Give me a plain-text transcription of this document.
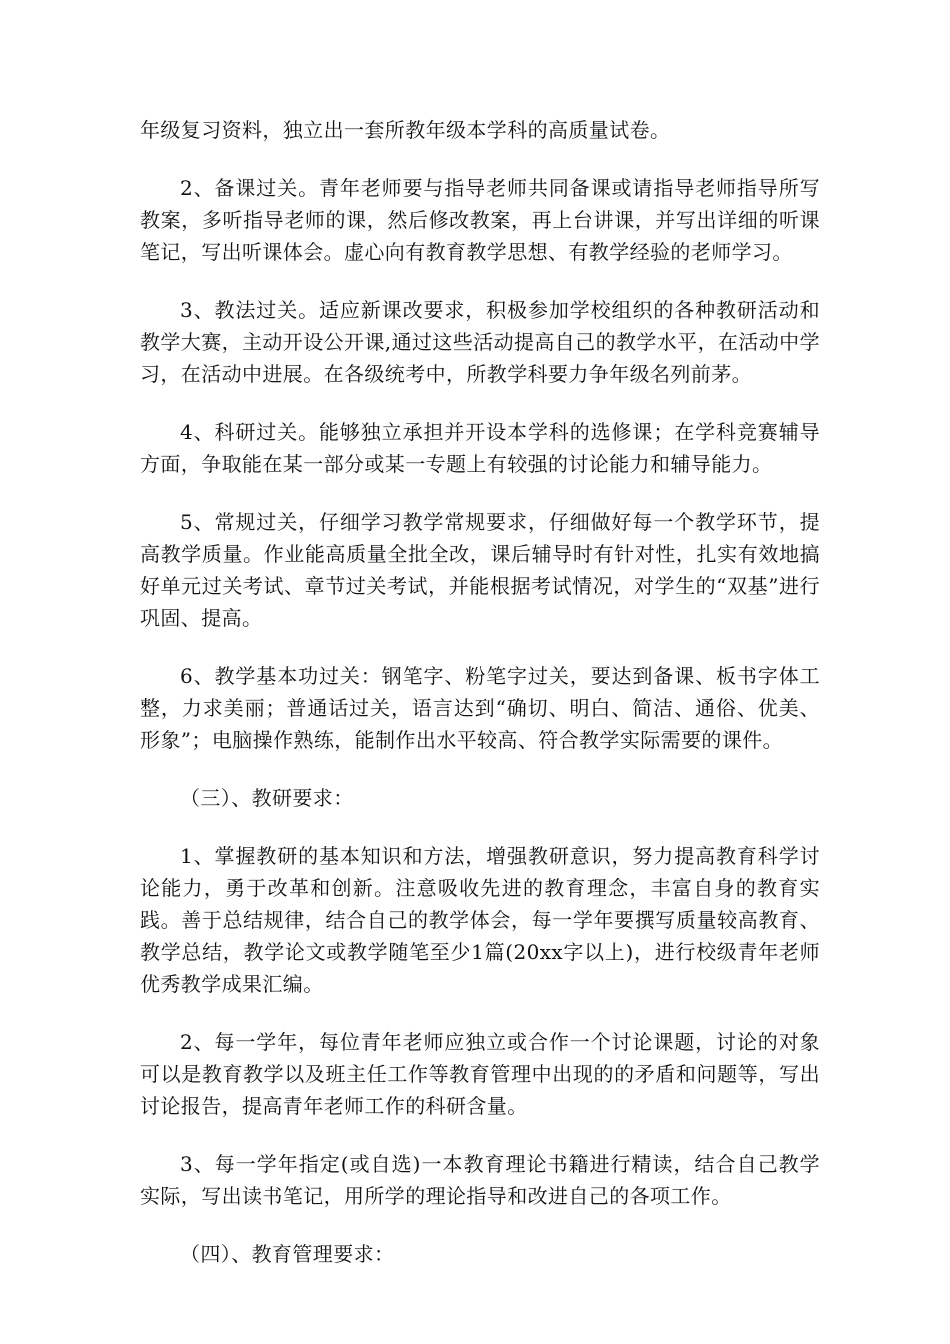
年级复习资料，独立出一套所教年级本学科的高质量试卷。

2、备课过关。青年老师要与指导老师共同备课或请指导老师指导所写教案，多听指导老师的课，然后修改教案，再上台讲课，并写出详细的听课笔记，写出听课体会。虚心向有教育教学思想、有教学经验的老师学习。

3、教法过关。适应新课改要求，积极参加学校组织的各种教研活动和教学大赛，主动开设公开课,通过这些活动提高自己的教学水平，在活动中学习，在活动中进展。在各级统考中，所教学科要力争年级名列前茅。

4、科研过关。能够独立承担并开设本学科的选修课；在学科竞赛辅导方面，争取能在某一部分或某一专题上有较强的讨论能力和辅导能力。

5、常规过关，仔细学习教学常规要求，仔细做好每一个教学环节，提高教学质量。作业能高质量全批全改，课后辅导时有针对性，扎实有效地搞好单元过关考试、章节过关考试，并能根据考试情况，对学生的“双基”进行巩固、提高。

6、教学基本功过关：钢笔字、粉笔字过关，要达到备课、板书字体工整，力求美丽；普通话过关，语言达到“确切、明白、简洁、通俗、优美、形象”；电脑操作熟练，能制作出水平较高、符合教学实际需要的课件。

（三）、教研要求：

1、掌握教研的基本知识和方法，增强教研意识，努力提高教育科学讨论能力，勇于改革和创新。注意吸收先进的教育理念，丰富自身的教育实践。善于总结规律，结合自己的教学体会，每一学年要撰写质量较高教育、教学总结，教学论文或教学随笔至少1篇(20xx字以上)，进行校级青年老师优秀教学成果汇编。

2、每一学年，每位青年老师应独立或合作一个讨论课题，讨论的对象可以是教育教学以及班主任工作等教育管理中出现的的矛盾和问题等，写出讨论报告，提高青年老师工作的科研含量。

3、每一学年指定(或自选)一本教育理论书籍进行精读，结合自己教学实际，写出读书笔记，用所学的理论指导和改进自己的各项工作。

（四）、教育管理要求：
